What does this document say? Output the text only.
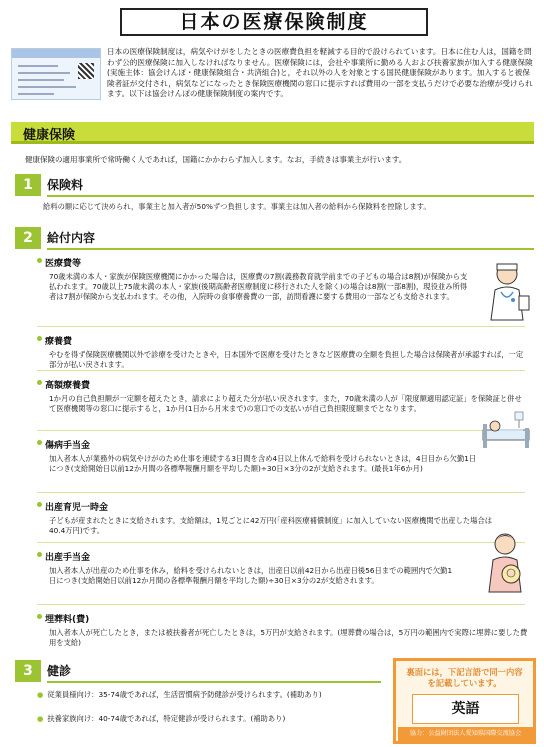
日本の医療保険制度
日本の医療保険制度は，病気やけがをしたときの医療費負担を軽減する目的で設けられています。日本に住む人は，国籍を問わず公的医療保険に加入しなければなりません。医療保険には，会社や事業所に勤める人および扶養家族が加入する健康保険(実施主体：協会けんぽ・健康保険組合・共済組合)と，それ以外の人を対象とする国民健康保険があります。加入すると被保険者証が交付され，病気などになったとき保険医療機関の窓口に提示すれば費用の一部を支払うだけで必要な治療が受けられます。以下は協会けんぽの健康保険制度の案内です。
健康保険
健康保険の適用事業所で常時働く人であれば，国籍にかかわらず加入します。なお，手続きは事業主が行います。
1	保険料
給料の額に応じて決められ，事業主と加入者が50%ずつ負担します。事業主は加入者の給料から保険料を控除します。
2	給付内容
医療費等
70歳未満の本人・家族が保険医療機関にかかった場合は，医療費の7割(義務教育就学前までの子どもの場合は8割)が保険から支払われます。70歳以上75歳未満の本人・家族(後期高齢者医療制度に移行された人を除く)の場合は8割(一部8割)，現役並み所得者は7割が保険から支払われます。その他，入院時の食事療養費の一部，訪問看護に要する費用の一部なども支給されます。
療養費
やむを得ず保険医療機関以外で診療を受けたときや，日本国外で医療を受けたときなど医療費の全額を負担した場合は保険者が承認すれば，一定部分が払い戻されます。
高額療養費
1か月の自己負担額が一定額を超えたとき，請求により超えた分が払い戻されます。また，70歳未満の人が「限度額適用認定証」を保険証と併せて医療機関等の窓口に提示すると，1か月(1日から月末まで)の窓口での支払いが自己負担限度額までとなります。
傷病手当金
加入者本人が業務外の病気やけがのため仕事を連続する3日間を含め4日以上休んで給料を受けられないときは，4日目から欠勤1日につき(支給開始日以前12か月間の各標準報酬月額を平均した額)÷30日×3分の2が支給されます。(最長1年6か月)
出産育児一時金
子どもが産まれたときに支給されます。支給額は，1児ごとに42万円(「産科医療補償制度」に加入していない医療機関で出産した場合は40.4万円)です。
出産手当金
加入者本人が出産のため仕事を休み，給料を受けられないときは，出産日以前42日から出産日後56日までの範囲内で欠勤1日につき(支給開始日以前12か月間の各標準報酬月額を平均した額)÷30日×3分の2が支給されます。
埋葬料(費)
加入者本人が死亡したとき，または被扶養者が死亡したときは，5万円が支給されます。(埋葬費の場合は，5万円の範囲内で実際に埋葬に要した費用を支給)
3	健診
● 従業員様向け：35-74歳であれば，生活習慣病予防健診が受けられます。(補助あり)
● 扶養家族向け：40-74歳であれば，特定健診が受けられます。(補助あり)
裏面には，下記言語で同一内容を記載しています。
英語
協力：公益財団法人愛知県国際交流協会
